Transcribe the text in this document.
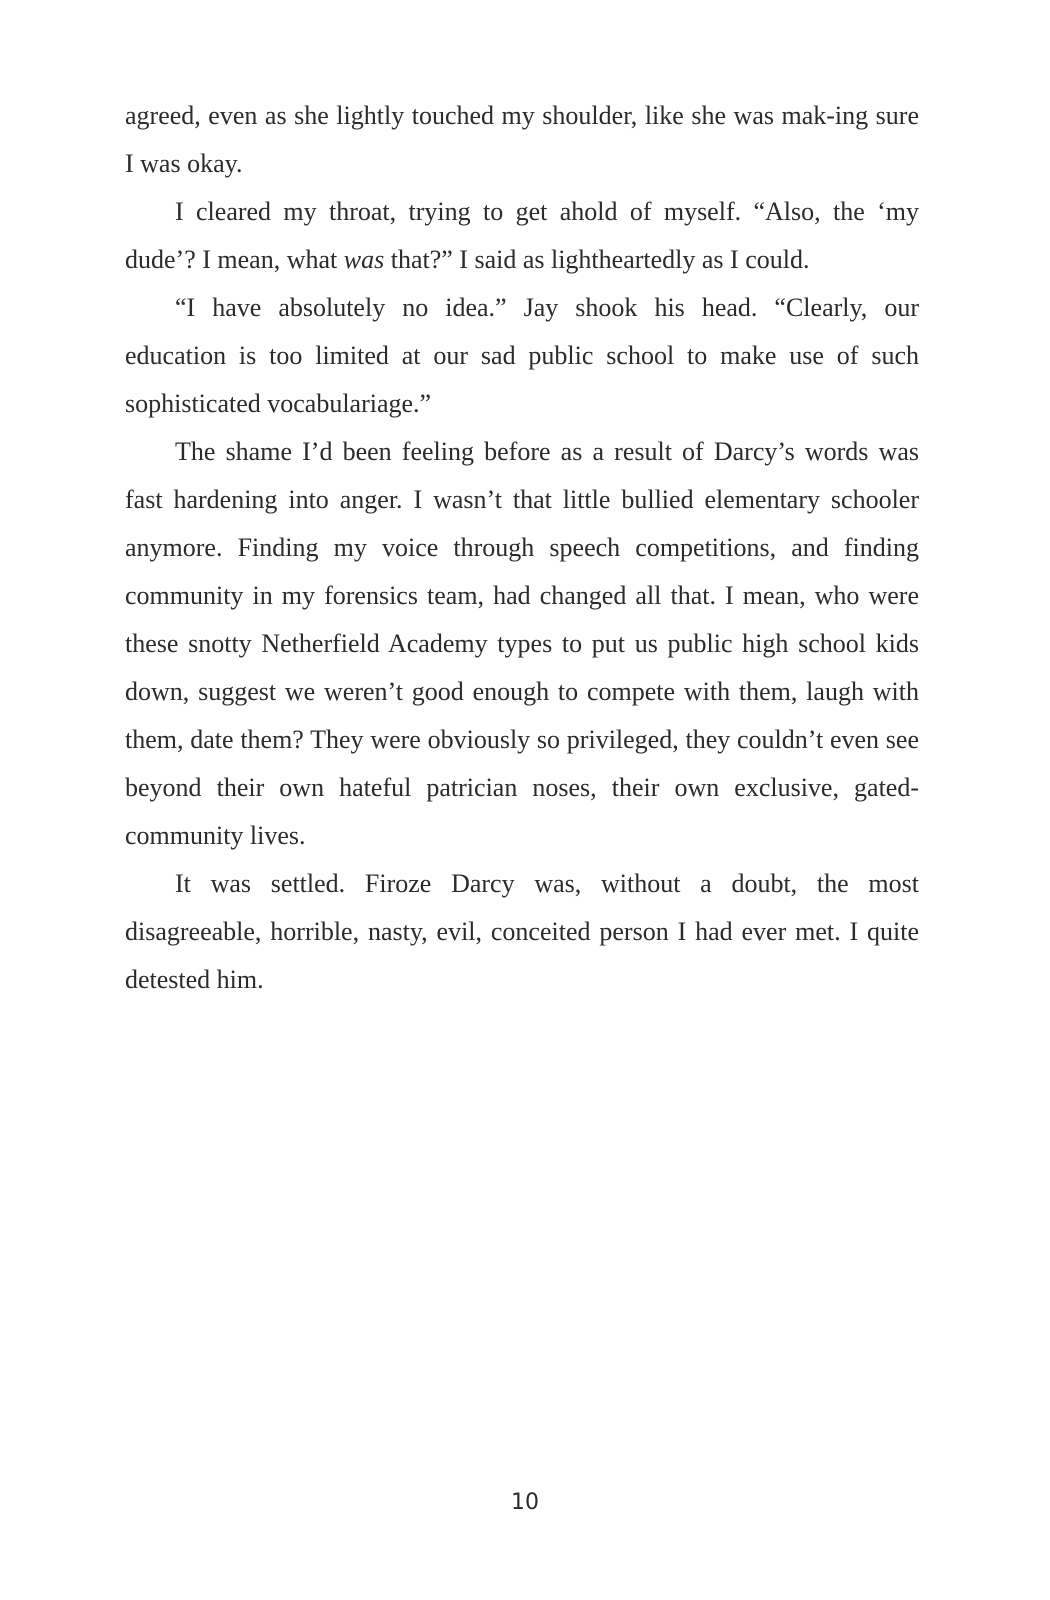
agreed, even as she lightly touched my shoulder, like she was mak-ing sure I was okay.

I cleared my throat, trying to get ahold of myself. “Also, the ‘my dude’? I mean, what was that?” I said as lightheartedly as I could.

“I have absolutely no idea.” Jay shook his head. “Clearly, our education is too limited at our sad public school to make use of such sophisticated vocabulariage.”

The shame I’d been feeling before as a result of Darcy’s words was fast hardening into anger. I wasn’t that little bullied elementary schooler anymore. Finding my voice through speech competitions, and finding community in my forensics team, had changed all that. I mean, who were these snotty Netherfield Academy types to put us public high school kids down, suggest we weren’t good enough to compete with them, laugh with them, date them? They were obviously so privileged, they couldn’t even see beyond their own hateful patrician noses, their own exclusive, gated-community lives.

It was settled. Firoze Darcy was, without a doubt, the most disagreeable, horrible, nasty, evil, conceited person I had ever met. I quite detested him.

10
